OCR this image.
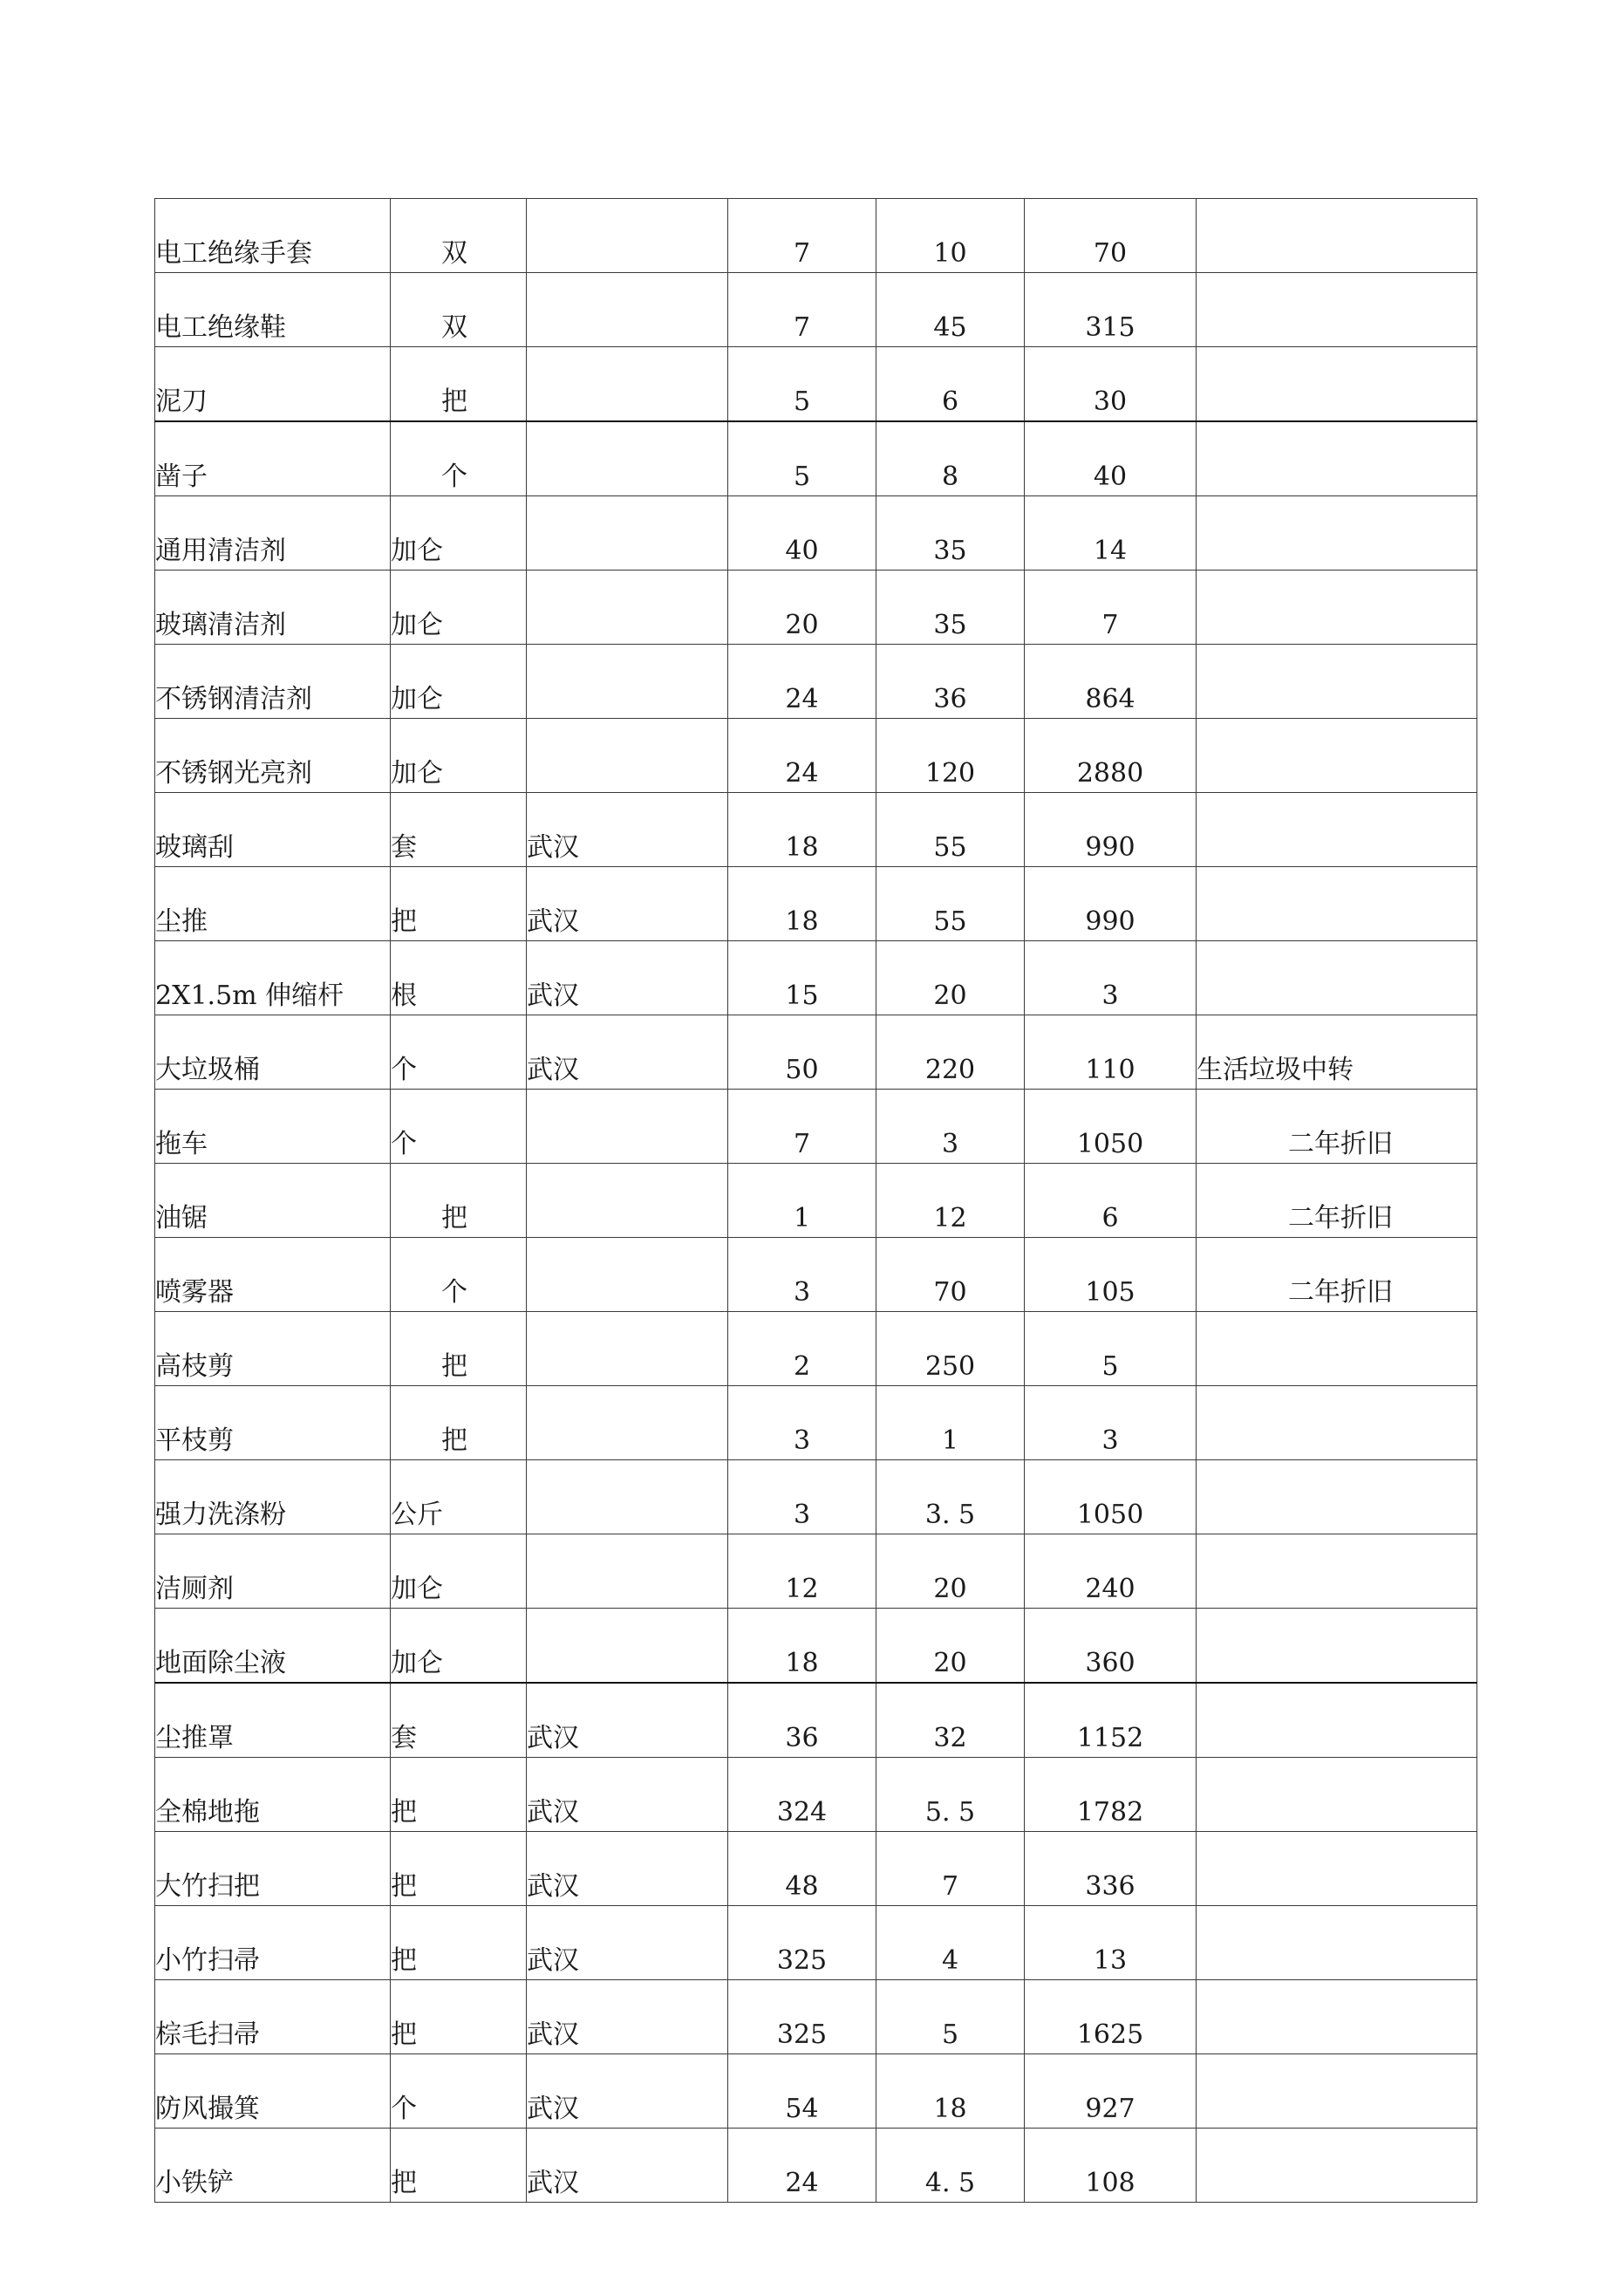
电工绝缘手套	双		7	10	70	
电工绝缘鞋	双		7	45	315	
泥刀	把		5	6	30	
凿子	个		5	8	40	
通用清洁剂	加仑		40	35	14	
玻璃清洁剂	加仑		20	35	7	
不锈钢清洁剂	加仑		24	36	864	
不锈钢光亮剂	加仑		24	120	2880	
玻璃刮	套	武汉	18	55	990	
尘推	把	武汉	18	55	990	
2X1.5m 伸缩杆	根	武汉	15	20	3	
大垃圾桶	个	武汉	50	220	110	生活垃圾中转
拖车	个		7	3	1050	二年折旧
油锯	把		1	12	6	二年折旧
喷雾器	个		3	70	105	二年折旧
高枝剪	把		2	250	5	
平枝剪	把		3	1	3	
强力洗涤粉	公斤		3	3. 5	1050	
洁厕剂	加仑		12	20	240	
地面除尘液	加仑		18	20	360	
尘推罩	套	武汉	36	32	1152	
全棉地拖	把	武汉	324	5. 5	1782	
大竹扫把	把	武汉	48	7	336	
小竹扫帚	把	武汉	325	4	13	
棕毛扫帚	把	武汉	325	5	1625	
防风撮箕	个	武汉	54	18	927	
小铁铲	把	武汉	24	4. 5	108	
